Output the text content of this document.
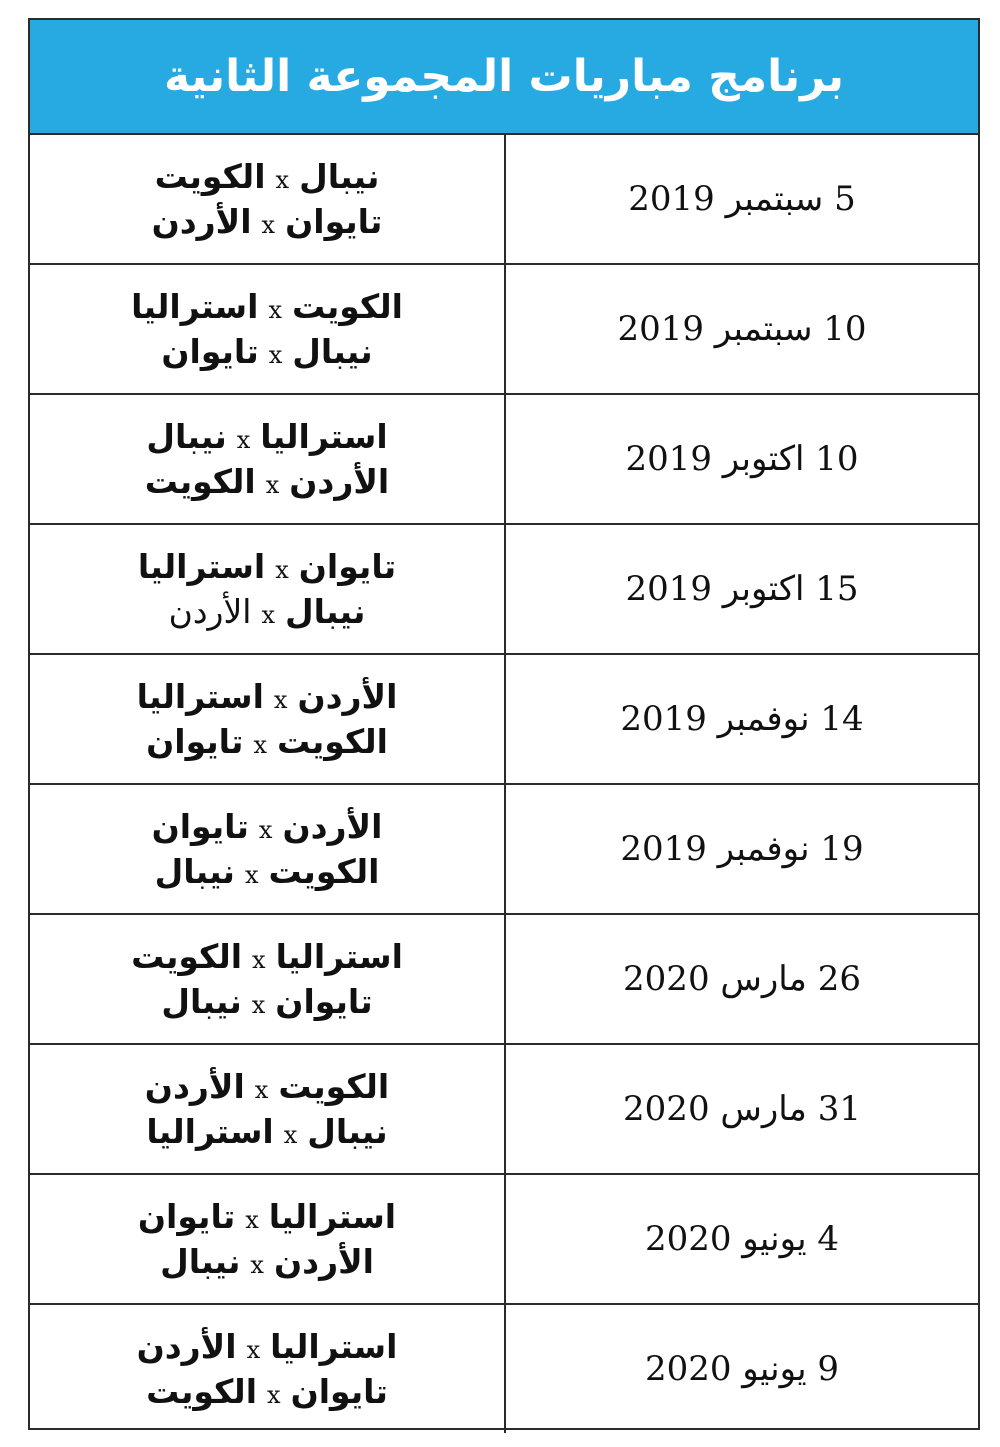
برنامج مباريات المجموعة الثانية
5 سبتمبر 2019
نيبال
x
الكويت
تايوان
x
الأردن
10 سبتمبر 2019
الكويت
x
استراليا
نيبال
x
تايوان
10 اكتوبر 2019
استراليا
x
نيبال
الأردن
x
الكويت
15 اكتوبر 2019
تايوان
x
استراليا
نيبال
x
الأردن
14 نوفمبر 2019
الأردن
x
استراليا
الكويت
x
تايوان
19 نوفمبر 2019
الأردن
x
تايوان
الكويت
x
نيبال
26 مارس 2020
استراليا
x
الكويت
تايوان
x
نيبال
31 مارس 2020
الكويت
x
الأردن
نيبال
x
استراليا
4 يونيو 2020
استراليا
x
تايوان
الأردن
x
نيبال
9 يونيو 2020
استراليا
x
الأردن
تايوان
x
الكويت
